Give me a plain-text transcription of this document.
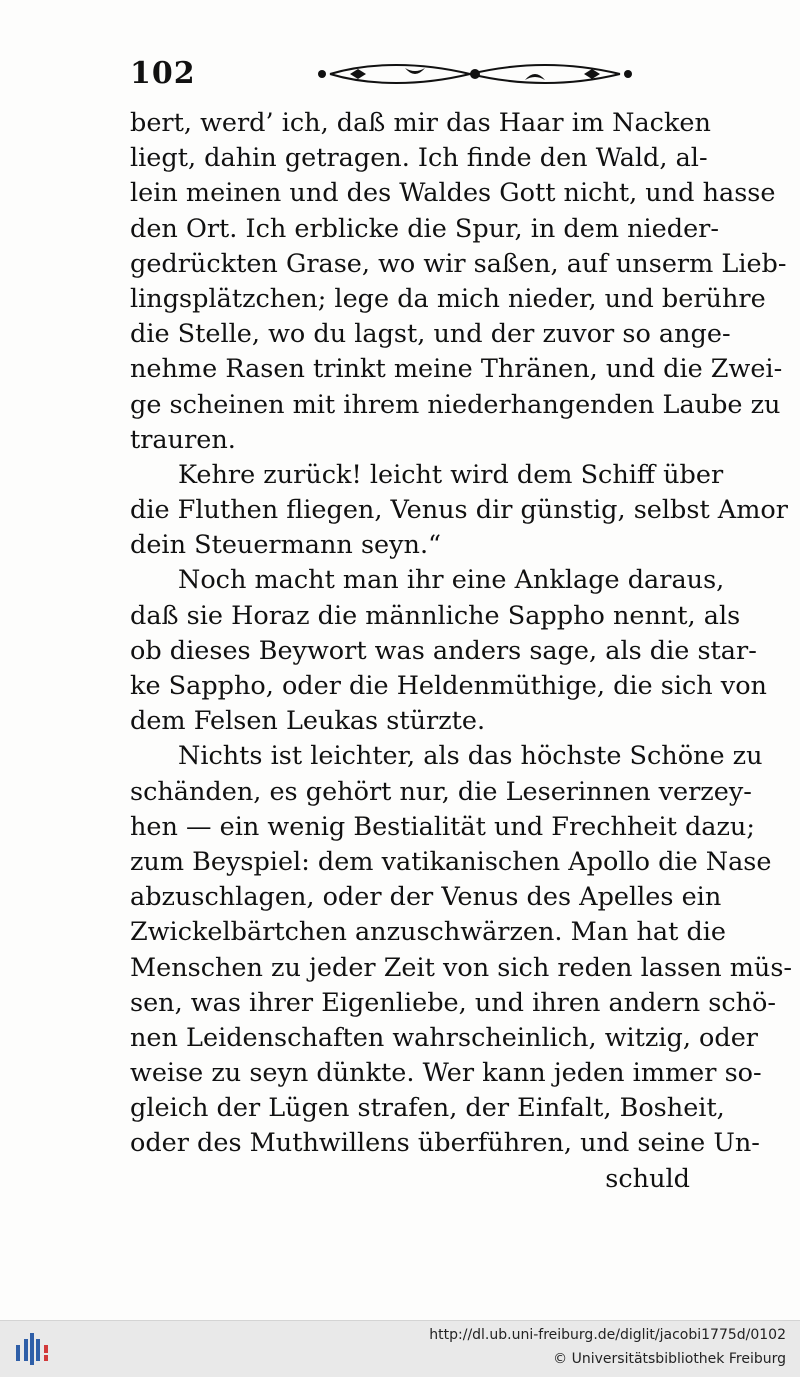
102
bert, werd’ ich, daß mir das Haar im Nacken
liegt, dahin getragen. Ich finde den Wald, al-
lein meinen und des Waldes Gott nicht, und hasse
den Ort. Ich erblicke die Spur, in dem nieder-
gedrückten Grase, wo wir saßen, auf unserm Lieb-
lingsplätzchen; lege da mich nieder, und berühre
die Stelle, wo du lagst, und der zuvor so ange-
nehme Rasen trinkt meine Thränen, und die Zwei-
ge scheinen mit ihrem niederhangenden Laube zu
trauren.
Kehre zurück! leicht wird dem Schiff über
die Fluthen fliegen, Venus dir günstig, selbst Amor
dein Steuermann seyn.“
Noch macht man ihr eine Anklage daraus,
daß sie Horaz die männliche Sappho nennt, als
ob dieses Beywort was anders sage, als die star-
ke Sappho, oder die Heldenmüthige, die sich von
dem Felsen Leukas stürzte.
Nichts ist leichter, als das höchste Schöne zu
schänden, es gehört nur, die Leserinnen verzey-
hen — ein wenig Bestialität und Frechheit dazu;
zum Beyspiel: dem vatikanischen Apollo die Nase
abzuschlagen, oder der Venus des Apelles ein
Zwickelbärtchen anzuschwärzen. Man hat die
Menschen zu jeder Zeit von sich reden lassen müs-
sen, was ihrer Eigenliebe, und ihren andern schö-
nen Leidenschaften wahrscheinlich, witzig, oder
weise zu seyn dünkte. Wer kann jeden immer so-
gleich der Lügen strafen, der Einfalt, Bosheit,
oder des Muthwillens überführen, und seine Un-
schuld
http://dl.ub.uni-freiburg.de/diglit/jacobi1775d/0102
© Universitätsbibliothek Freiburg
